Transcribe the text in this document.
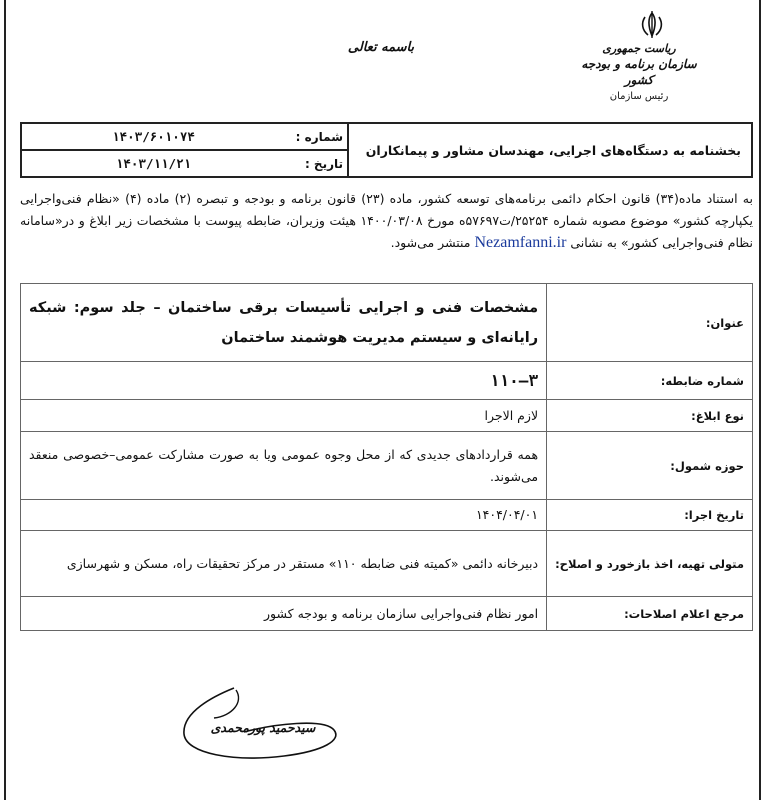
باسمه تعالی	ریاست جمهوری
سازمان برنامه و بودجه کشور
رئیس سازمان
بخشنامه به دستگاه‌های اجرایی، مهندسان مشاور و پیمانکاران
شماره :
۱۴۰۳/۶۰۱۰۷۴
تاریخ :
۱۴۰۳/۱۱/۲۱

به استناد ماده(۳۴) قانون احکام دائمی برنامه‌های توسعه کشور، ماده (۲۳) قانون برنامه و بودجه و تبصره (۲) ماده (۴) «نظام فنی‌واجرایی یکپارچه کشور» موضوع مصوبه شماره ۲۵۲۵۴/ت۵۷۶۹۷ه مورخ ۱۴۰۰/۰۳/۰۸ هیئت وزیران، ضابطه پیوست با مشخصات زیر ابلاغ و در«سامانه نظام فنی‌واجرایی کشور» به نشانی Nezamfanni.ir منتشر می‌شود.

عنوان:	مشخصات فنی و اجرایی تأسیسات برقی ساختمان – جلد سوم: شبکه رایانه‌ای و سیستم مدیریت هوشمند ساختمان
شماره ضابطه:	۳–۱۱۰
نوع ابلاغ:	لازم الاجرا
حوزه شمول:	همه قراردادهای جدیدی که از محل وجوه عمومی ویا به صورت مشارکت عمومی–خصوصی منعقد می‌شوند.
تاریخ اجرا:	۱۴۰۴/۰۴/۰۱
متولی تهیه، اخذ بازخورد و اصلاح:	دبیرخانه دائمی «کمیته فنی ضابطه ۱۱۰» مستقر در مرکز تحقیقات راه، مسکن و شهرسازی
مرجع اعلام اصلاحات:	امور نظام فنی‌واجرایی سازمان برنامه و بودجه کشور
سیدحمید پورمحمدی
